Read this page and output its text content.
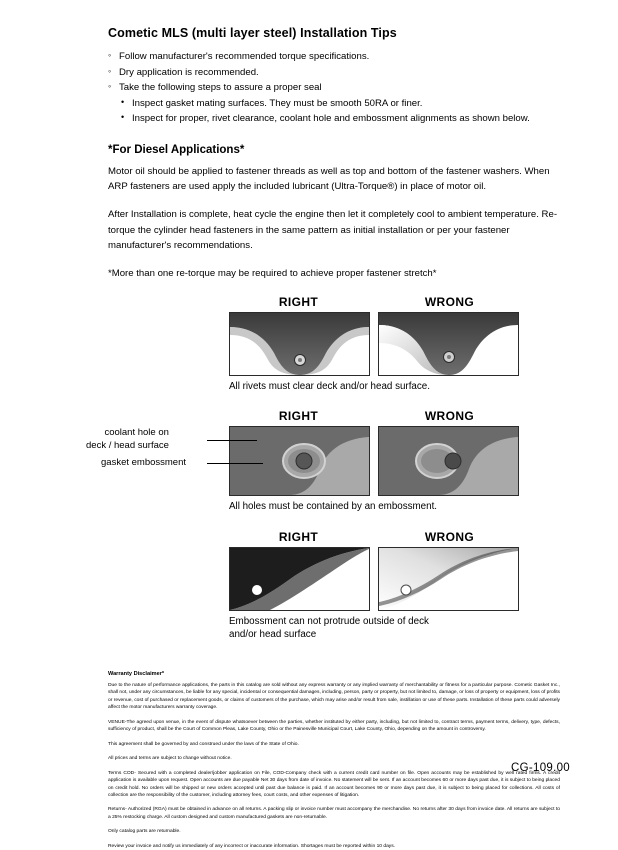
Cometic MLS (multi layer steel) Installation Tips
◦ Follow manufacturer's recommended torque specifications.
◦ Dry application is recommended.
◦ Take the following steps to assure a proper seal
• Inspect gasket mating surfaces. They must be smooth 50RA or finer.
• Inspect for proper, rivet clearance, coolant hole and embossment alignments as shown below.
*For Diesel Applications*

Motor oil should be applied to fastener threads as well as top and bottom of the fastener washers. When ARP fasteners are used apply the included lubricant (Ultra-Torque®) in place of motor oil.

After Installation is complete, heat cycle the engine then let it completely cool to ambient temperature. Re-torque the cylinder head fasteners in the same pattern as initial installation or per your fastener manufacturer's recommendations.

*More than one re-torque may be required to achieve proper fastener stretch*

RIGHT	WRONG
All rivets must clear deck and/or head surface.
RIGHT	WRONG
All holes must be contained by an embossment.
coolant hole on
deck / head surface
gasket embossment
RIGHT	WRONG
Embossment can not protrude outside of deck
and/or head surface
Warranty Disclaimer*

Due to the nature of performance applications, the parts in this catalog are sold without any express warranty or any implied warranty of merchantability or fitness for a particular purpose. Cometic Gasket Inc., shall not, under any circumstances, be liable for any special, incidental or consequential damages, including, person, party or property, but not limited to, damage, or loss of property or equipment, loss of profits or revenue, cost of purchased or replacement goods, or claims of customers of the purchase, which may arise and/or result from sale, instillation or use of these parts. Installation of these parts could adversely affect the motor manufacturers warranty coverage.

VENUE-The agreed upon venue, in the event of dispute whatsoever between the parties, whether instituted by either party, including, but not limited to, contract terms, payment terms, delivery, type, defects, sufficiency of product, shall be the Court of Common Pleas, Lake County, Ohio or the Painesville Municipal Court, Lake County, Ohio, depending on the amount in controversy.

This agreement shall be governed by and construed under the laws of the State of Ohio.

All prices and terms are subject to change without notice.

Terms COD- Secured with a completed dealer/jobber application on File, COD-Company check with a current credit card number on file. Open accounts may be established by well rated firms. A credit application is available upon request. Open accounts are due payable Net 30 days from date of invoice. No statement will be sent. If an account becomes 60 or more days past due, it is subject to being placed on credit hold. No orders will be shipped or new orders accepted until past due balance is paid. If an account becomes 90 or more days past due, it is subject to being placed for collections. All costs of collection are the responsibility of the customer, including attorney fees, court costs, and other expenses of litigation.

Returns- Authorized (RGA) must be obtained in advance on all returns. A packing slip or invoice number must accompany the merchandise. No returns after 30 days from invoice date. All returns are subject to a 25% restocking charge. All custom designed and custom manufactured gaskets are non-returnable.

Only catalog parts are returnable.

Review your invoice and notify us immediately of any incorrect or inaccurate information. Shortages must be reported within 10 days.

CG-109.00
